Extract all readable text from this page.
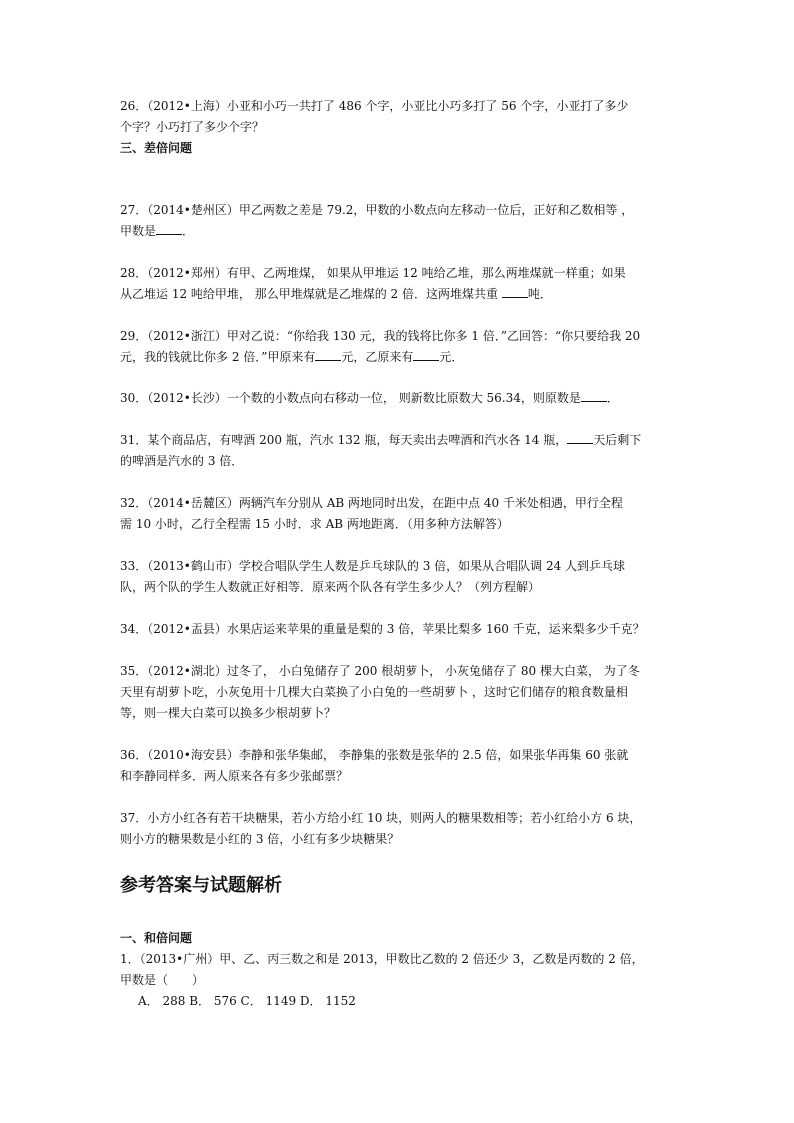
26．（2012•上海）小亚和小巧一共打了 486 个字，小亚比小巧多打了 56 个字，小亚打了多少
个字？小巧打了多少个字？
三、差倍问题
27．（2014•楚州区）甲乙两数之差是 79.2，甲数的小数点向左移动一位后，正好和乙数相等 ，
甲数是 ．
28．（2012•郑州）有甲、乙两堆煤， 如果从甲堆运 12 吨给乙堆，那么两堆煤就一样重；如果
从乙堆运 12 吨给甲堆， 那么甲堆煤就是乙堆煤的 2 倍．这两堆煤共重 吨．
29．（2012•浙江）甲对乙说：“你给我 130 元，我的钱将比你多 1 倍．”乙回答：“你只要给我 20
元，我的钱就比你多 2 倍．”甲原来有 元，乙原来有 元．
30．（2012•长沙）一个数的小数点向右移动一位， 则新数比原数大 56.34，则原数是 ．
31．某个商品店，有啤酒 200 瓶，汽水 132 瓶，每天卖出去啤酒和汽水各 14 瓶， 天后剩下
的啤酒是汽水的 3 倍．
32．（2014•岳麓区）两辆汽车分别从 AB 两地同时出发，在距中点 40 千米处相遇，甲行全程
需 10 小时，乙行全程需 15 小时．求 AB 两地距离．（用多种方法解答）
33．（2013•鹤山市）学校合唱队学生人数是乒乓球队的 3 倍，如果从合唱队调 24 人到乒乓球
队，两个队的学生人数就正好相等．原来两个队各有学生多少人？（列方程解）
34．（2012•盂县）水果店运来苹果的重量是梨的 3 倍，苹果比梨多 160 千克，运来梨多少千克？
35．（2012•湖北）过冬了， 小白兔储存了 200 根胡萝卜， 小灰兔储存了 80 棵大白菜， 为了冬
天里有胡萝卜吃，小灰兔用十几棵大白菜换了小白兔的一些胡萝卜 ，这时它们储存的粮食数量相
等，则一棵大白菜可以换多少根胡萝卜？
36．（2010•海安县）李静和张华集邮， 李静集的张数是张华的 2.5 倍，如果张华再集 60 张就
和李静同样多．两人原来各有多少张邮票？
37．小方小红各有若干块糖果，若小方给小红 10 块，则两人的糖果数相等；若小红给小方 6 块，
则小方的糖果数是小红的 3 倍，小红有多少块糖果？
参考答案与试题解析
一、和倍问题
1．（2013•广州）甲、乙、丙三数之和是 2013，甲数比乙数的 2 倍还少 3，乙数是丙数的 2 倍，
甲数是（　　）
A． 288 B． 576 C． 1149 D． 1152
